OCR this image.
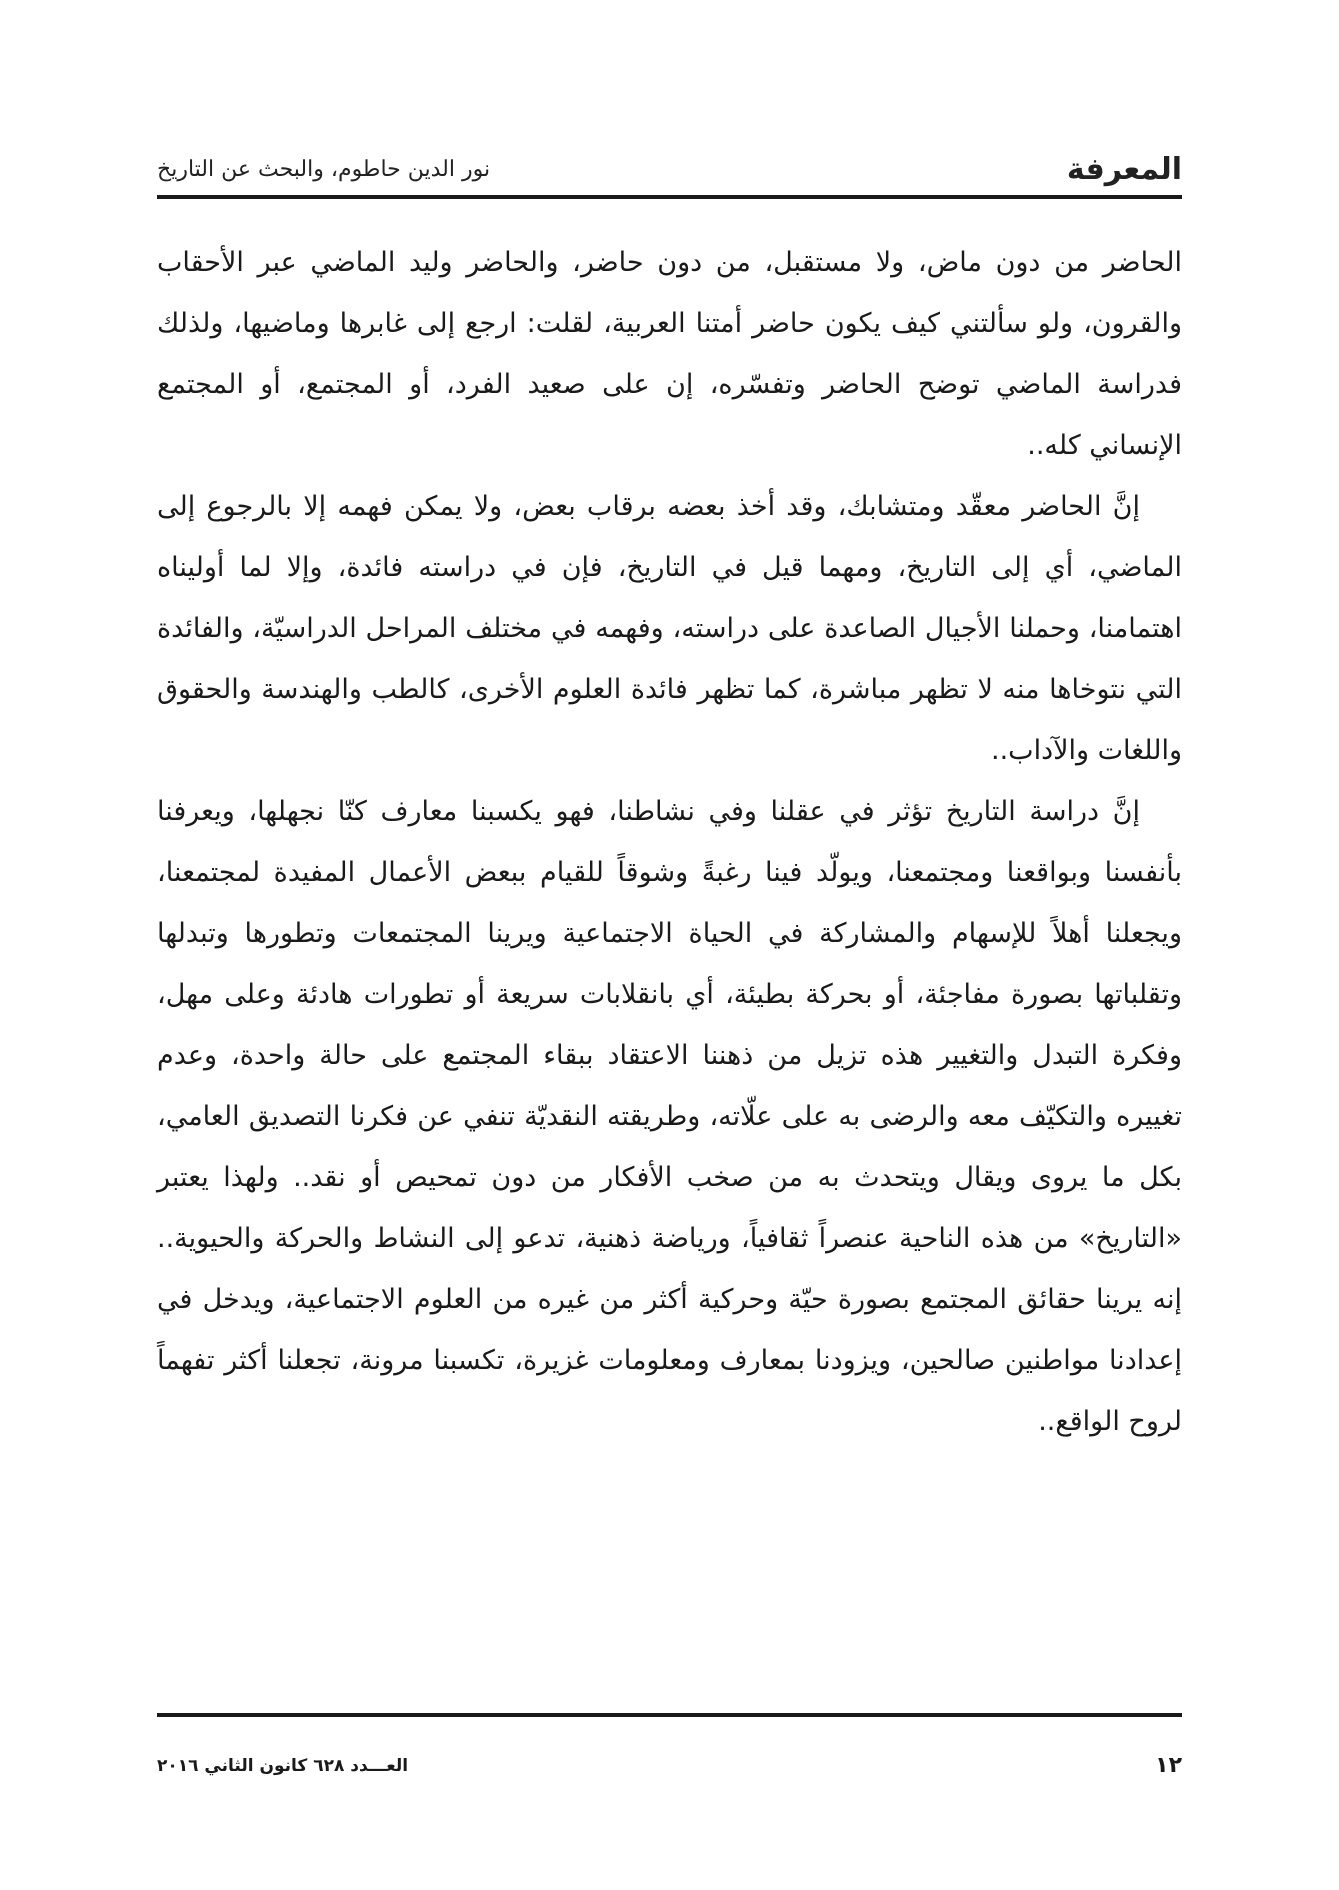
المعرفة
نور الدين حاطوم، والبحث عن التاريخ

الحاضر من دون ماض، ولا مستقبل، من دون حاضر، والحاضر وليد الماضي عبر الأحقاب والقرون، ولو سألتني كيف يكون حاضر أمتنا العربية، لقلت: ارجع إلى غابرها وماضيها، ولذلك فدراسة الماضي توضح الحاضر وتفسّره، إن على صعيد الفرد، أو المجتمع، أو المجتمع الإنساني كله..

إنَّ الحاضر معقّد ومتشابك، وقد أخذ بعضه برقاب بعض، ولا يمكن فهمه إلا بالرجوع إلى الماضي، أي إلى التاريخ، ومهما قيل في التاريخ، فإن في دراسته فائدة، وإلا لما أوليناه اهتمامنا، وحملنا الأجيال الصاعدة على دراسته، وفهمه في مختلف المراحل الدراسيّة، والفائدة التي نتوخاها منه لا تظهر مباشرة، كما تظهر فائدة العلوم الأخرى، كالطب والهندسة والحقوق واللغات والآداب..

إنَّ دراسة التاريخ تؤثر في عقلنا وفي نشاطنا، فهو يكسبنا معارف كنّا نجهلها، ويعرفنا بأنفسنا وبواقعنا ومجتمعنا، ويولّد فينا رغبةً وشوقاً للقيام ببعض الأعمال المفيدة لمجتمعنا، ويجعلنا أهلاً للإسهام والمشاركة في الحياة الاجتماعية ويرينا المجتمعات وتطورها وتبدلها وتقلباتها بصورة مفاجئة، أو بحركة بطيئة، أي بانقلابات سريعة أو تطورات هادئة وعلى مهل، وفكرة التبدل والتغيير هذه تزيل من ذهننا الاعتقاد ببقاء المجتمع على حالة واحدة، وعدم تغييره والتكيّف معه والرضى به على علّاته، وطريقته النقديّة تنفي عن فكرنا التصديق العامي، بكل ما يروى ويقال ويتحدث به من صخب الأفكار من دون تمحيص أو نقد.. ولهذا يعتبر «التاريخ» من هذه الناحية عنصراً ثقافياً، ورياضة ذهنية، تدعو إلى النشاط والحركة والحيوية.. إنه يرينا حقائق المجتمع بصورة حيّة وحركية أكثر من غيره من العلوم الاجتماعية، ويدخل في إعدادنا مواطنين صالحين، ويزودنا بمعارف ومعلومات غزيرة، تكسبنا مرونة، تجعلنا أكثر تفهماً لروح الواقع..

١٢
العـــدد ٦٢٨ كانون الثاني ٢٠١٦
